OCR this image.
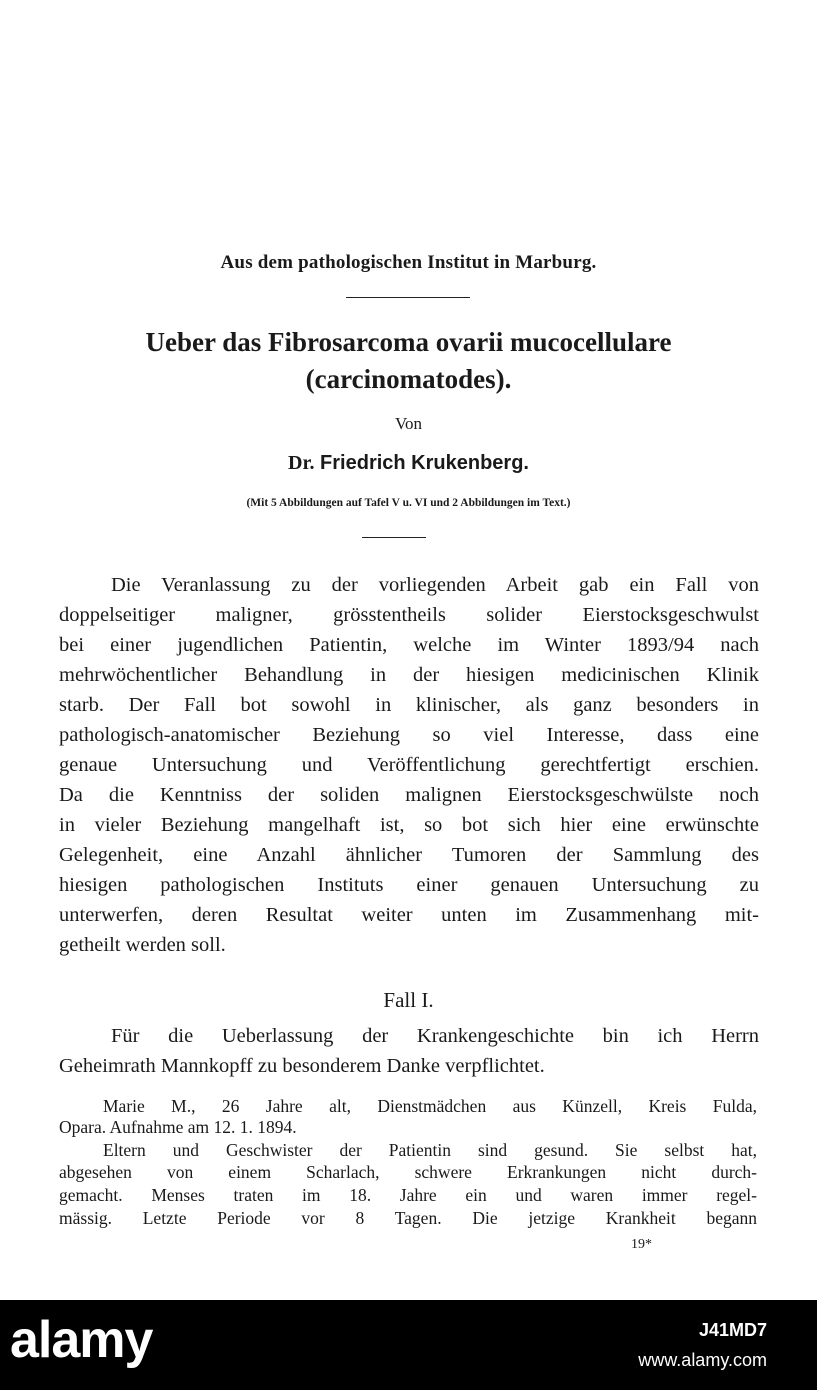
Aus dem pathologischen Institut in Marburg.
Ueber das Fibrosarcoma ovarii mucocellulare
(carcinomatodes).
Von
Dr. Friedrich Krukenberg.
(Mit 5 Abbildungen auf Tafel V u. VI und 2 Abbildungen im Text.)
Die Veranlassung zu der vorliegenden Arbeit gab ein Fall von
doppelseitiger maligner, grösstentheils solider Eierstocksgeschwulst
bei einer jugendlichen Patientin, welche im Winter 1893/94 nach
mehrwöchentlicher Behandlung in der hiesigen medicinischen Klinik
starb. Der Fall bot sowohl in klinischer, als ganz besonders in
pathologisch-anatomischer Beziehung so viel Interesse, dass eine
genaue Untersuchung und Veröffentlichung gerechtfertigt erschien.
Da die Kenntniss der soliden malignen Eierstocksgeschwülste noch
in vieler Beziehung mangelhaft ist, so bot sich hier eine erwünschte
Gelegenheit, eine Anzahl ähnlicher Tumoren der Sammlung des
hiesigen pathologischen Instituts einer genauen Untersuchung zu
unterwerfen, deren Resultat weiter unten im Zusammenhang mit-
getheilt werden soll.
Fall I.
Für die Ueberlassung der Krankengeschichte bin ich Herrn
Geheimrath Mannkopff zu besonderem Danke verpflichtet.
Marie M., 26 Jahre alt, Dienstmädchen aus Künzell, Kreis Fulda,
Opara. Aufnahme am 12. 1. 1894.
Eltern und Geschwister der Patientin sind gesund. Sie selbst hat,
abgesehen von einem Scharlach, schwere Erkrankungen nicht durch-
gemacht. Menses traten im 18. Jahre ein und waren immer regel-
mässig. Letzte Periode vor 8 Tagen. Die jetzige Krankheit begann
19*
alamy	J41MD7
www.alamy.com
